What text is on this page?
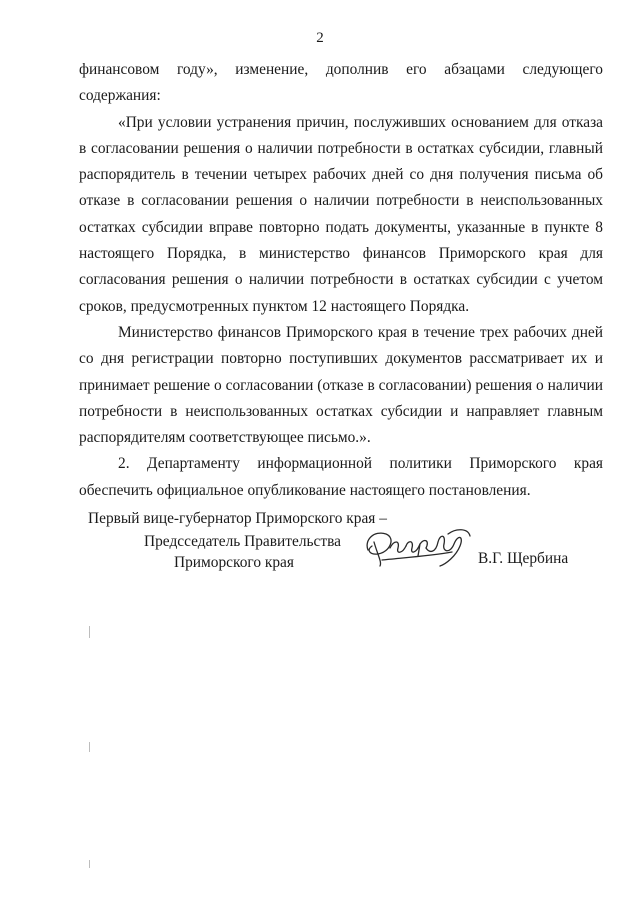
2

финансовом году», изменение, дополнив его абзацами следующего содержания:

«При условии устранения причин, послуживших основанием для отказа в согласовании решения о наличии потребности в остатках субсидии, главный распорядитель в течении четырех рабочих дней со дня получения письма об отказе в согласовании решения о наличии потребности в неиспользованных остатках субсидии вправе повторно подать документы, указанные в пункте 8 настоящего Порядка, в министерство финансов Приморского края для согласования решения о наличии потребности в остатках субсидии с учетом сроков, предусмотренных пунктом 12 настоящего Порядка.

Министерство финансов Приморского края в течение трех рабочих дней со дня регистрации повторно поступивших документов рассматривает их и принимает решение о согласовании (отказе в согласовании) решения о наличии потребности в неиспользованных остатках субсидии и направляет главным распорядителям соответствующее письмо.».

2. Департаменту информационной политики Приморского края обеспечить официальное опубликование настоящего постановления.

Первый вице-губернатор Приморского края –
Предсседатель Правительства
Приморского края	В.Г. Щербина
